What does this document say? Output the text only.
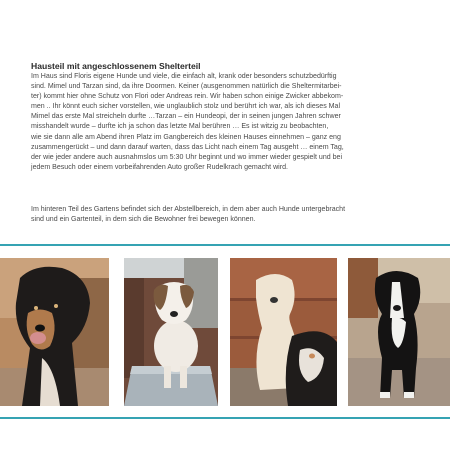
Hausteil mit angeschlossenem Shelterteil
Im Haus sind Floris eigene Hunde und viele, die einfach alt, krank oder besonders schutzbedürftig
sind. Mimel und Tarzan sind, da ihre Doormen. Keiner (ausgenommen natürlich die Sheltermitarbei-
ter) kommt hier ohne Schutz von Flori oder Andreas rein. Wir haben schon einige Zwicker abbekom-
men .. Ihr könnt euch sicher vorstellen, wie unglaublich stolz und berührt ich war, als ich dieses Mal
Mimel das erste Mal streicheln durfte …Tarzan – ein Hundeopi, der in seinen jungen Jahren schwer
misshandelt wurde – durfte ich ja schon das letzte Mal berühren … Es ist witzig zu beobachten,
wie sie dann alle am Abend ihren Platz im Gangbereich des kleinen Hauses einnehmen – ganz eng
zusammengerückt – und dann darauf warten, dass das Licht nach einem Tag ausgeht … einem Tag,
der wie jeder andere auch ausnahmslos um 5:30 Uhr beginnt und wo immer wieder gespielt und bei
jedem Besuch oder einem vorbeifahrenden Auto großer Rudelkrach gemacht wird.
Im hinteren Teil des Gartens befindet sich der Abstellbereich, in dem aber auch Hunde untergebracht
sind und ein Gartenteil, in dem sich die Bewohner frei bewegen können.
